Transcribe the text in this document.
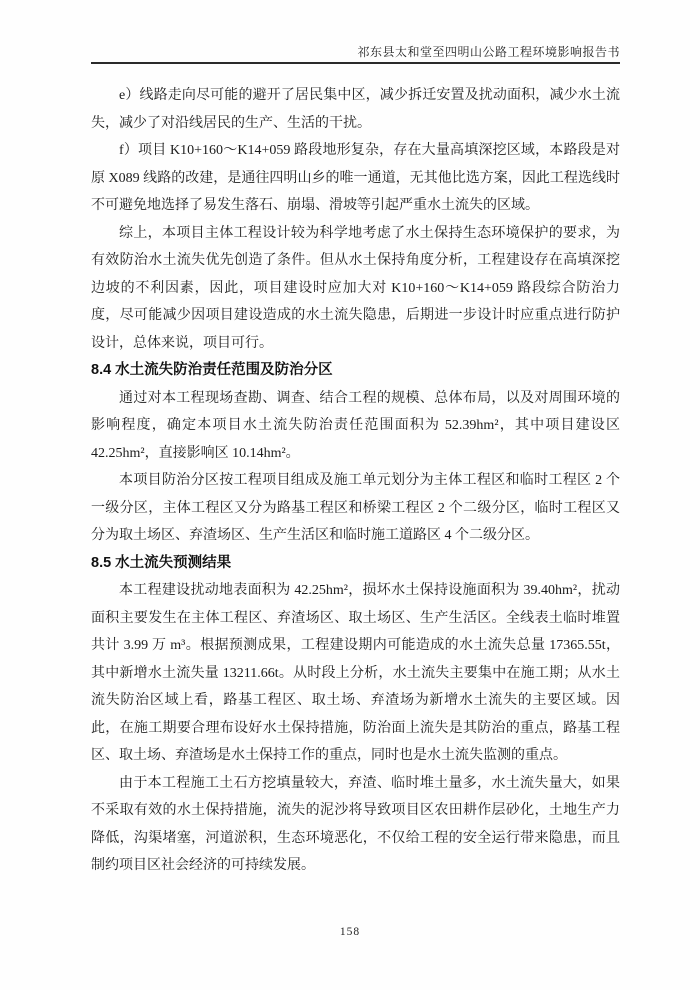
祁东县太和堂至四明山公路工程环境影响报告书

e）线路走向尽可能的避开了居民集中区，减少拆迁安置及扰动面积，减少水土流失，减少了对沿线居民的生产、生活的干扰。

f）项目 K10+160～K14+059 路段地形复杂，存在大量高填深挖区域，本路段是对原 X089 线路的改建，是通往四明山乡的唯一通道，无其他比选方案，因此工程选线时不可避免地选择了易发生落石、崩塌、滑坡等引起严重水土流失的区域。

综上，本项目主体工程设计较为科学地考虑了水土保持生态环境保护的要求，为有效防治水土流失优先创造了条件。但从水土保持角度分析，工程建设存在高填深挖边坡的不利因素，因此，项目建设时应加大对 K10+160～K14+059 路段综合防治力度，尽可能减少因项目建设造成的水土流失隐患，后期进一步设计时应重点进行防护设计，总体来说，项目可行。

8.4 水土流失防治责任范围及防治分区

通过对本工程现场查勘、调查、结合工程的规模、总体布局，以及对周围环境的影响程度，确定本项目水土流失防治责任范围面积为 52.39hm²，其中项目建设区 42.25hm²，直接影响区 10.14hm²。

本项目防治分区按工程项目组成及施工单元划分为主体工程区和临时工程区 2 个一级分区，主体工程区又分为路基工程区和桥梁工程区 2 个二级分区，临时工程区又分为取土场区、弃渣场区、生产生活区和临时施工道路区 4 个二级分区。

8.5 水土流失预测结果

本工程建设扰动地表面积为 42.25hm²，损坏水土保持设施面积为 39.40hm²，扰动面积主要发生在主体工程区、弃渣场区、取土场区、生产生活区。全线表土临时堆置共计 3.99 万 m³。根据预测成果，工程建设期内可能造成的水土流失总量 17365.55t，其中新增水土流失量 13211.66t。从时段上分析，水土流失主要集中在施工期；从水土流失防治区域上看，路基工程区、取土场、弃渣场为新增水土流失的主要区域。因此，在施工期要合理布设好水土保持措施，防治面上流失是其防治的重点，路基工程区、取土场、弃渣场是水土保持工作的重点，同时也是水土流失监测的重点。

由于本工程施工土石方挖填量较大，弃渣、临时堆土量多，水土流失量大，如果不采取有效的水土保持措施，流失的泥沙将导致项目区农田耕作层砂化，土地生产力降低，沟渠堵塞，河道淤积，生态环境恶化，不仅给工程的安全运行带来隐患，而且制约项目区社会经济的可持续发展。

158
